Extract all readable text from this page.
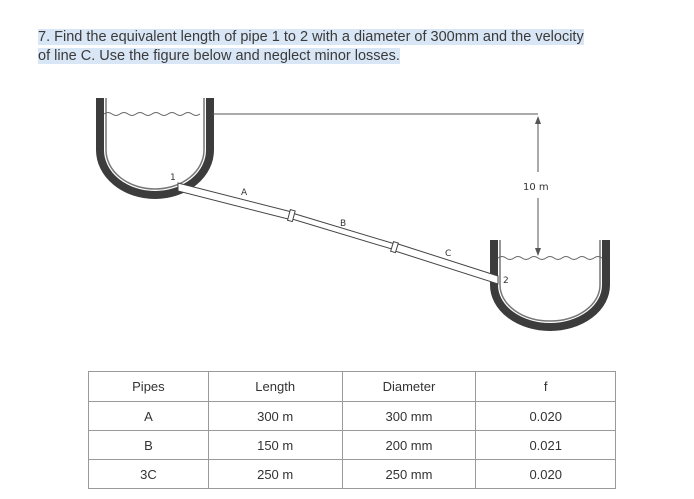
7. Find the equivalent length of pipe 1 to 2 with a diameter of 300mm and the velocity
of line C. Use the figure below and neglect minor losses.
10 m
1
2
A
B
C
Pipes	Length	Diameter	f
A	300 m	300 mm	0.020
B	150 m	200 mm	0.021
3C	250 m	250 mm	0.020
